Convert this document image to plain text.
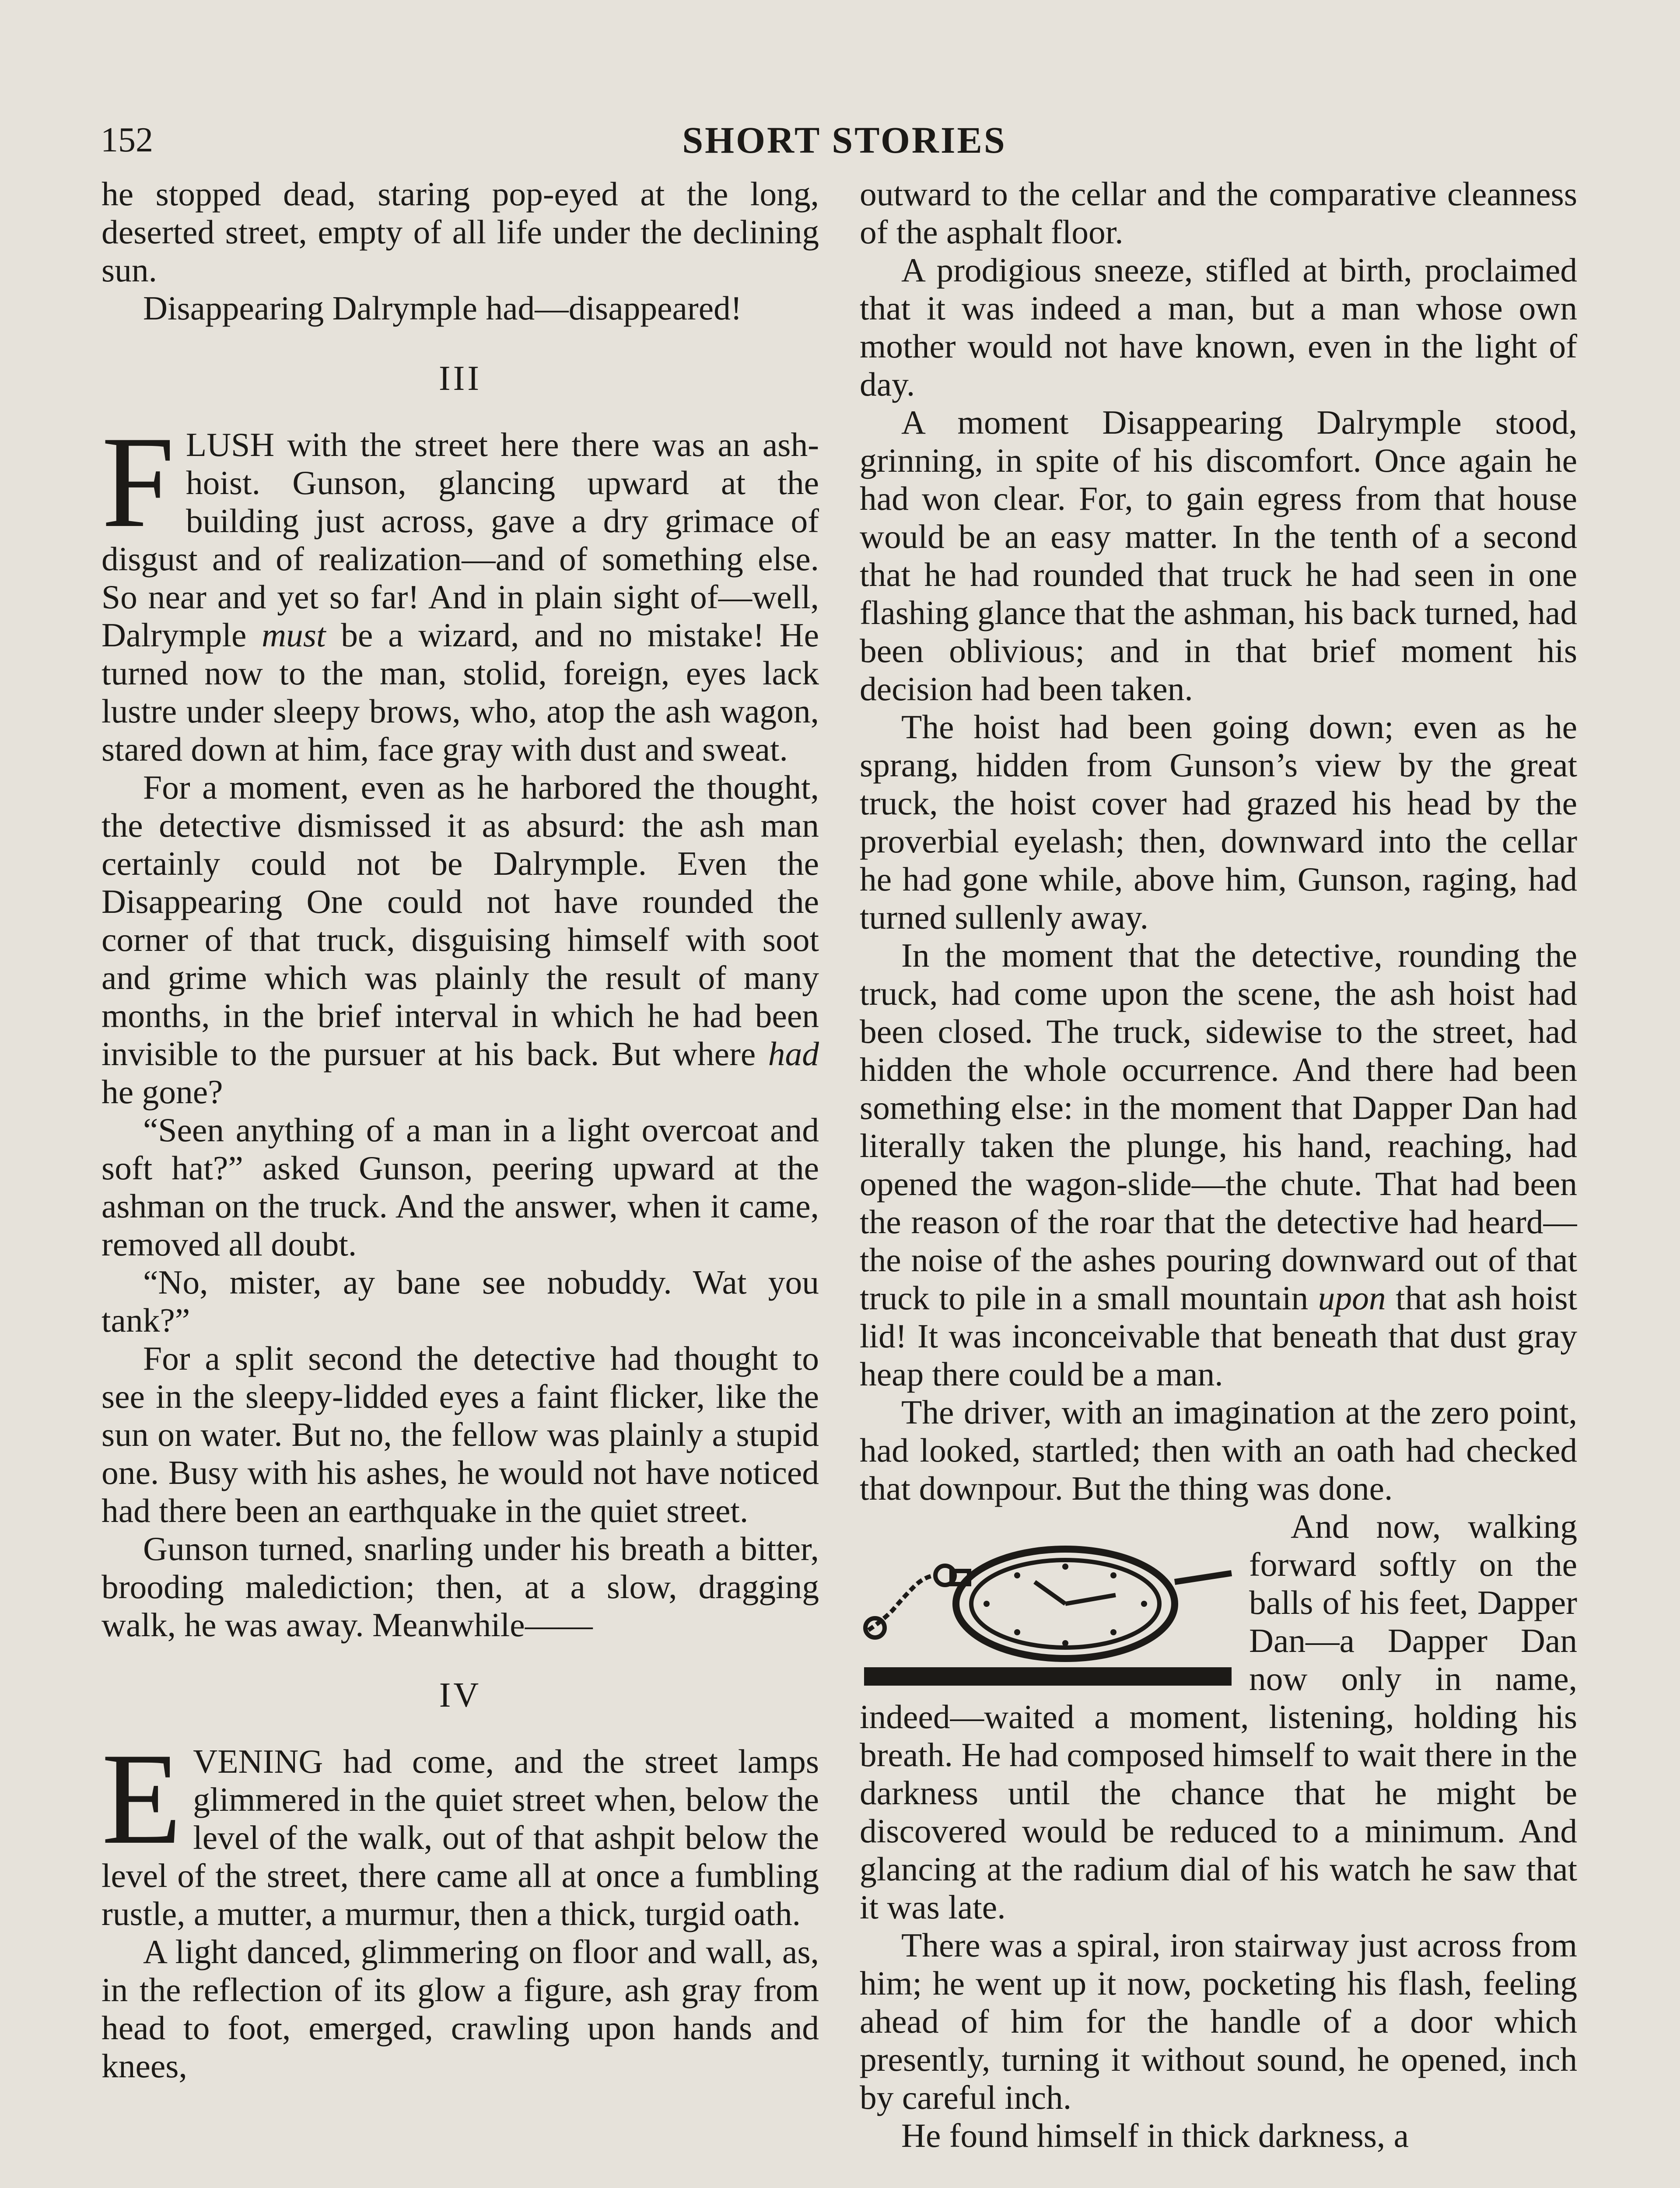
152	SHORT STORIES

he stopped dead, staring pop-eyed at the long, deserted street, empty of all life under the declining sun.

Disappearing Dalrymple had—disappeared!

III

FLUSH with the street here there was an ash-hoist. Gunson, glancing upward at the building just across, gave a dry grimace of disgust and of realization—and of something else. So near and yet so far! And in plain sight of—well, Dalrymple must be a wizard, and no mistake! He turned now to the man, stolid, foreign, eyes lack lustre under sleepy brows, who, atop the ash wagon, stared down at him, face gray with dust and sweat.

For a moment, even as he harbored the thought, the detective dismissed it as absurd: the ash man certainly could not be Dalrymple. Even the Disappearing One could not have rounded the corner of that truck, disguising himself with soot and grime which was plainly the result of many months, in the brief interval in which he had been invisible to the pursuer at his back. But where had he gone?

“Seen anything of a man in a light overcoat and soft hat?” asked Gunson, peering upward at the ashman on the truck. And the answer, when it came, removed all doubt.

“No, mister, ay bane see nobuddy. Wat you tank?”

For a split second the detective had thought to see in the sleepy-lidded eyes a faint flicker, like the sun on water. But no, the fellow was plainly a stupid one. Busy with his ashes, he would not have noticed had there been an earthquake in the quiet street.

Gunson turned, snarling under his breath a bitter, brooding malediction; then, at a slow, dragging walk, he was away. Meanwhile——

IV

EVENING had come, and the street lamps glimmered in the quiet street when, below the level of the walk, out of that ashpit below the level of the street, there came all at once a fumbling rustle, a mutter, a murmur, then a thick, turgid oath.

A light danced, glimmering on floor and wall, as, in the reflection of its glow a figure, ash gray from head to foot, emerged, crawling upon hands and knees,

outward to the cellar and the comparative cleanness of the asphalt floor.

A prodigious sneeze, stifled at birth, proclaimed that it was indeed a man, but a man whose own mother would not have known, even in the light of day.

A moment Disappearing Dalrymple stood, grinning, in spite of his discomfort. Once again he had won clear. For, to gain egress from that house would be an easy matter. In the tenth of a second that he had rounded that truck he had seen in one flashing glance that the ashman, his back turned, had been oblivious; and in that brief moment his decision had been taken.

The hoist had been going down; even as he sprang, hidden from Gunson’s view by the great truck, the hoist cover had grazed his head by the proverbial eyelash; then, downward into the cellar he had gone while, above him, Gunson, raging, had turned sullenly away.

In the moment that the detective, rounding the truck, had come upon the scene, the ash hoist had been closed. The truck, sidewise to the street, had hidden the whole occurrence. And there had been something else: in the moment that Dapper Dan had literally taken the plunge, his hand, reaching, had opened the wagon-slide—the chute. That had been the reason of the roar that the detective had heard—the noise of the ashes pouring downward out of that truck to pile in a small mountain upon that ash hoist lid! It was inconceivable that beneath that dust gray heap there could be a man.

The driver, with an imagination at the zero point, had looked, startled; then with an oath had checked that downpour. But the thing was done.

And now, walking forward softly on the balls of his feet, Dapper Dan—a Dapper Dan now only in name, indeed—waited a moment, listening, holding his breath. He had composed himself to wait there in the darkness until the chance that he might be discovered would be reduced to a minimum. And glancing at the radium dial of his watch he saw that it was late.

There was a spiral, iron stairway just across from him; he went up it now, pocketing his flash, feeling ahead of him for the handle of a door which presently, turning it without sound, he opened, inch by careful inch.

He found himself in thick darkness, a
